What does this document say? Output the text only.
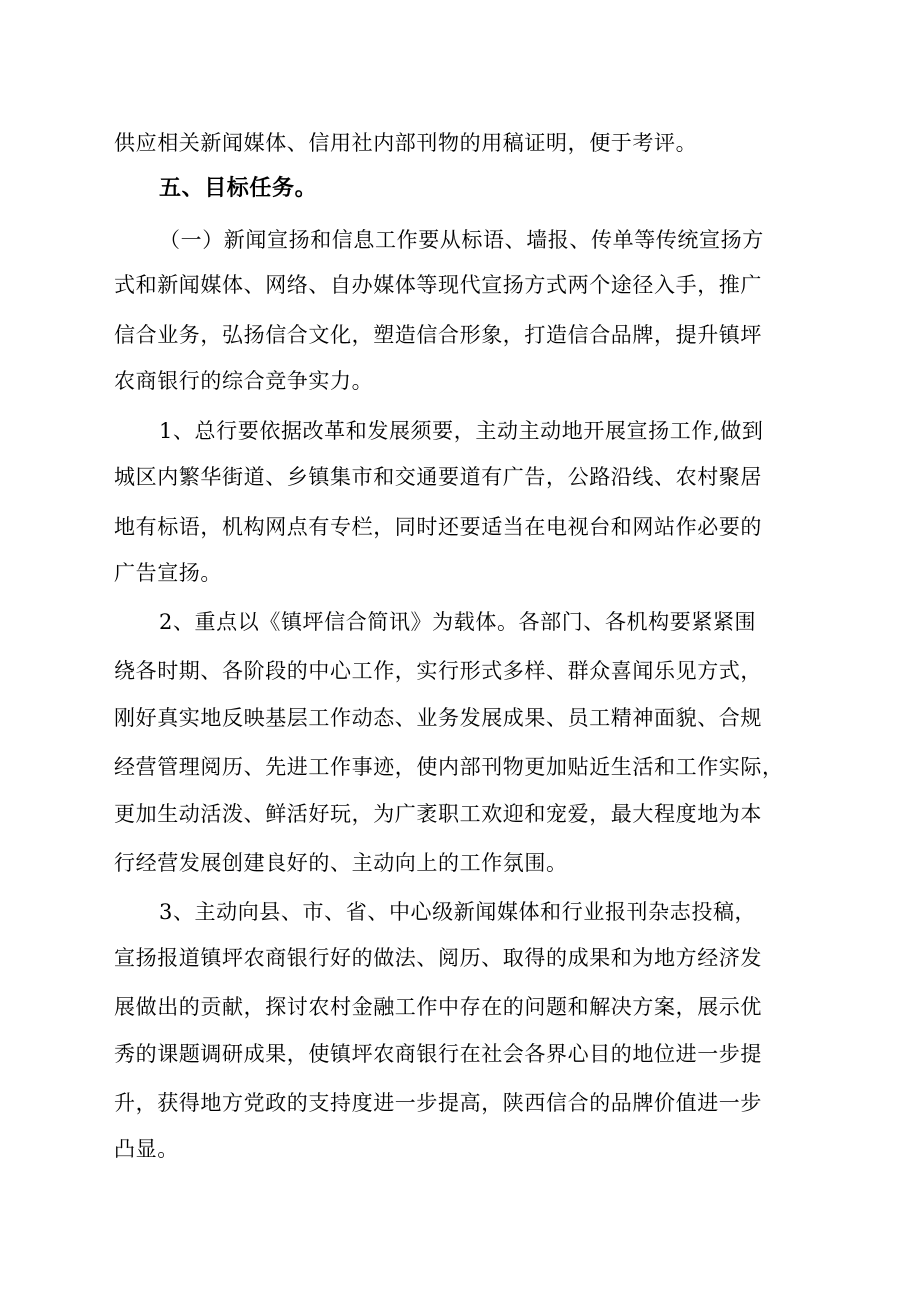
供应相关新闻媒体、信用社内部刊物的用稿证明，便于考评。
五、目标任务。
（一）新闻宣扬和信息工作要从标语、墙报、传单等传统宣扬方
式和新闻媒体、网络、自办媒体等现代宣扬方式两个途径入手，推广
信合业务，弘扬信合文化，塑造信合形象，打造信合品牌，提升镇坪
农商银行的综合竞争实力。
1、总行要依据改革和发展须要，主动主动地开展宣扬工作,做到
城区内繁华街道、乡镇集市和交通要道有广告，公路沿线、农村聚居
地有标语，机构网点有专栏，同时还要适当在电视台和网站作必要的
广告宣扬。
2、重点以《镇坪信合简讯》为载体。各部门、各机构要紧紧围
绕各时期、各阶段的中心工作，实行形式多样、群众喜闻乐见方式，
刚好真实地反映基层工作动态、业务发展成果、员工精神面貌、合规
经营管理阅历、先进工作事迹，使内部刊物更加贴近生活和工作实际，
更加生动活泼、鲜活好玩，为广袤职工欢迎和宠爱，最大程度地为本
行经营发展创建良好的、主动向上的工作氛围。
3、主动向县、市、省、中心级新闻媒体和行业报刊杂志投稿，
宣扬报道镇坪农商银行好的做法、阅历、取得的成果和为地方经济发
展做出的贡献，探讨农村金融工作中存在的问题和解决方案，展示优
秀的课题调研成果，使镇坪农商银行在社会各界心目的地位进一步提
升，获得地方党政的支持度进一步提高，陕西信合的品牌价值进一步
凸显。
